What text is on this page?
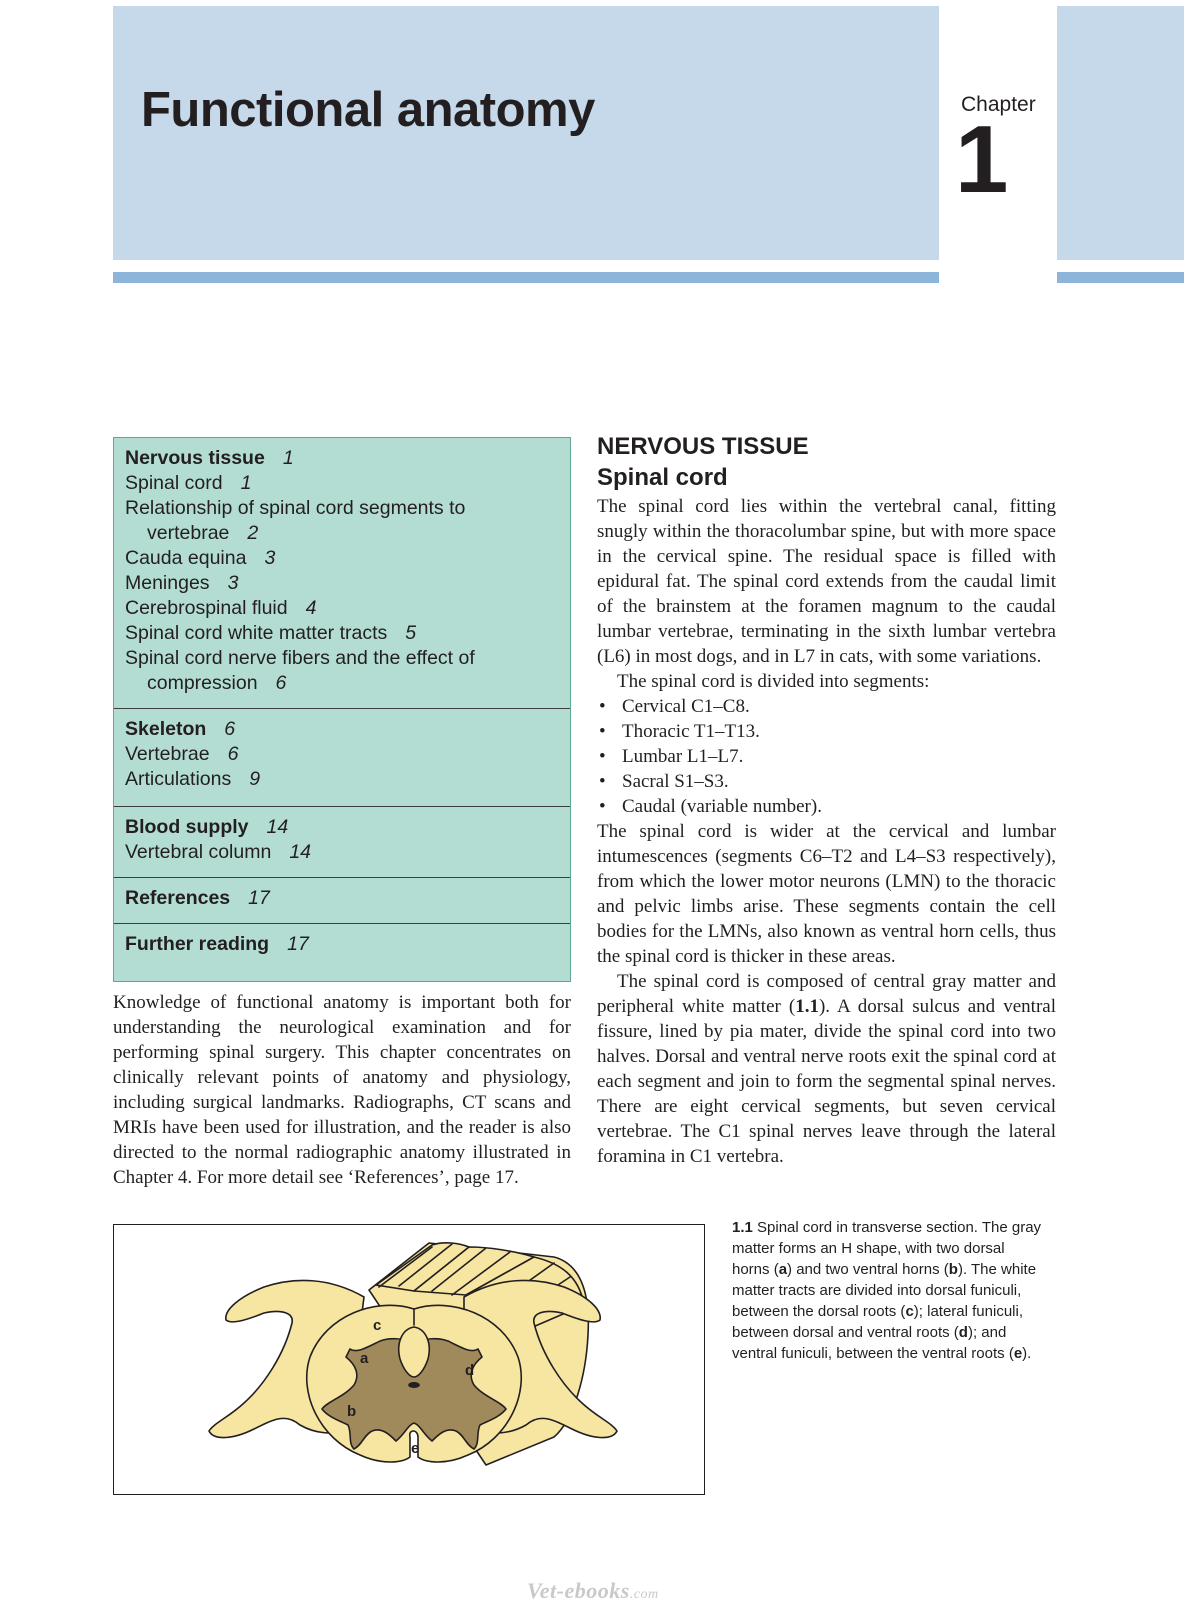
Functional anatomy	Chapter
1
Nervous tissue 1
Spinal cord 1
Relationship of spinal cord segments to
vertebrae 2
Cauda equina 3
Meninges 3
Cerebrospinal fluid 4
Spinal cord white matter tracts 5
Spinal cord nerve fibers and the effect of
compression 6
Skeleton 6
Vertebrae 6
Articulations 9
Blood supply 14
Vertebral column 14
References 17
Further reading 17

Knowledge of functional anatomy is important both for understanding the neurological examination and for performing spinal surgery. This chapter concentrates on clinically relevant points of anatomy and physiology, including surgical landmarks. Radiographs, CT scans and MRIs have been used for illustration, and the reader is also directed to the normal radiographic anatomy illustrated in Chapter 4. For more detail see ‘References’, page 17.

NERVOUS TISSUE
Spinal cord

The spinal cord lies within the vertebral canal, fitting snugly within the thoracolumbar spine, but with more space in the cervical spine. The residual space is filled with epidural fat. The spinal cord extends from the caudal limit of the brainstem at the foramen magnum to the caudal lumbar vertebrae, terminating in the sixth lumbar vertebra (L6) in most dogs, and in L7 in cats, with some variations.

The spinal cord is divided into segments:

• Cervical C1–C8.
• Thoracic T1–T13.
• Lumbar L1–L7.
• Sacral S1–S3.
• Caudal (variable number).

The spinal cord is wider at the cervical and lumbar intumescences (segments C6–T2 and L4–S3 respectively), from which the lower motor neurons (LMN) to the thoracic and pelvic limbs arise. These segments contain the cell bodies for the LMNs, also known as ventral horn cells, thus the spinal cord is thicker in these areas.

The spinal cord is composed of central gray matter and peripheral white matter (1.1). A dorsal sulcus and ventral fissure, lined by pia mater, divide the spinal cord into two halves. Dorsal and ventral nerve roots exit the spinal cord at each segment and join to form the segmental spinal nerves. There are eight cervical segments, but seven cervical vertebrae. The C1 spinal nerves leave through the lateral foramina in C1 vertebra.

a
b
c
d
e
1.1 Spinal cord in transverse section. The gray matter forms an H shape, with two dorsal horns (a) and two ventral horns (b). The white matter tracts are divided into dorsal funiculi, between the dorsal roots (c); lateral funiculi, between dorsal and ventral roots (d); and ventral funiculi, between the ventral roots (e).
Vet-ebooks.com
